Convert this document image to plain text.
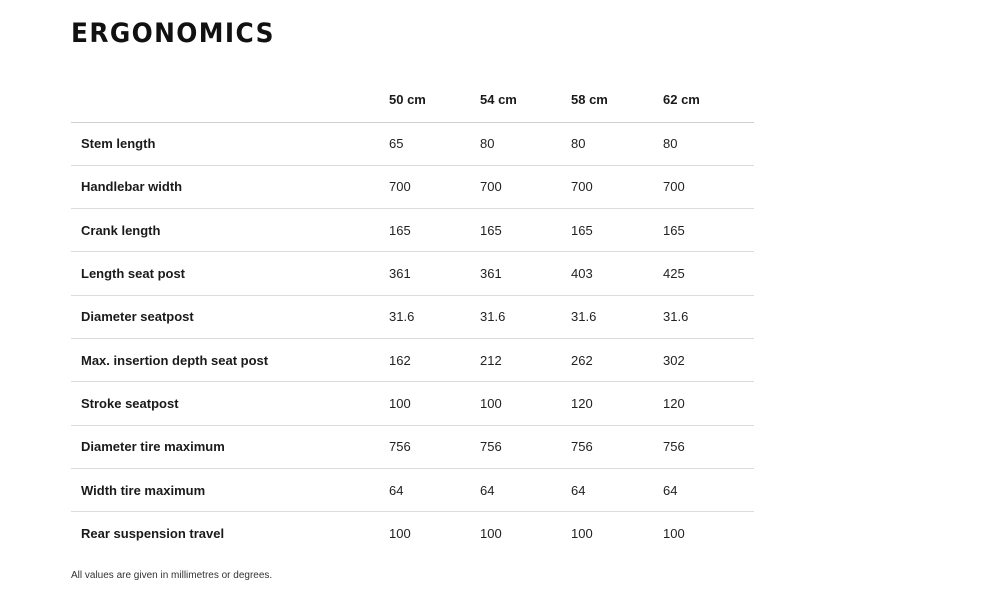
ERGONOMICS
	50 cm	54 cm	58 cm	62 cm
Stem length	65	80	80	80
Handlebar width	700	700	700	700
Crank length	165	165	165	165
Length seat post	361	361	403	425
Diameter seatpost	31.6	31.6	31.6	31.6
Max. insertion depth seat post	162	212	262	302
Stroke seatpost	100	100	120	120
Diameter tire maximum	756	756	756	756
Width tire maximum	64	64	64	64
Rear suspension travel	100	100	100	100

All values are given in millimetres or degrees.
